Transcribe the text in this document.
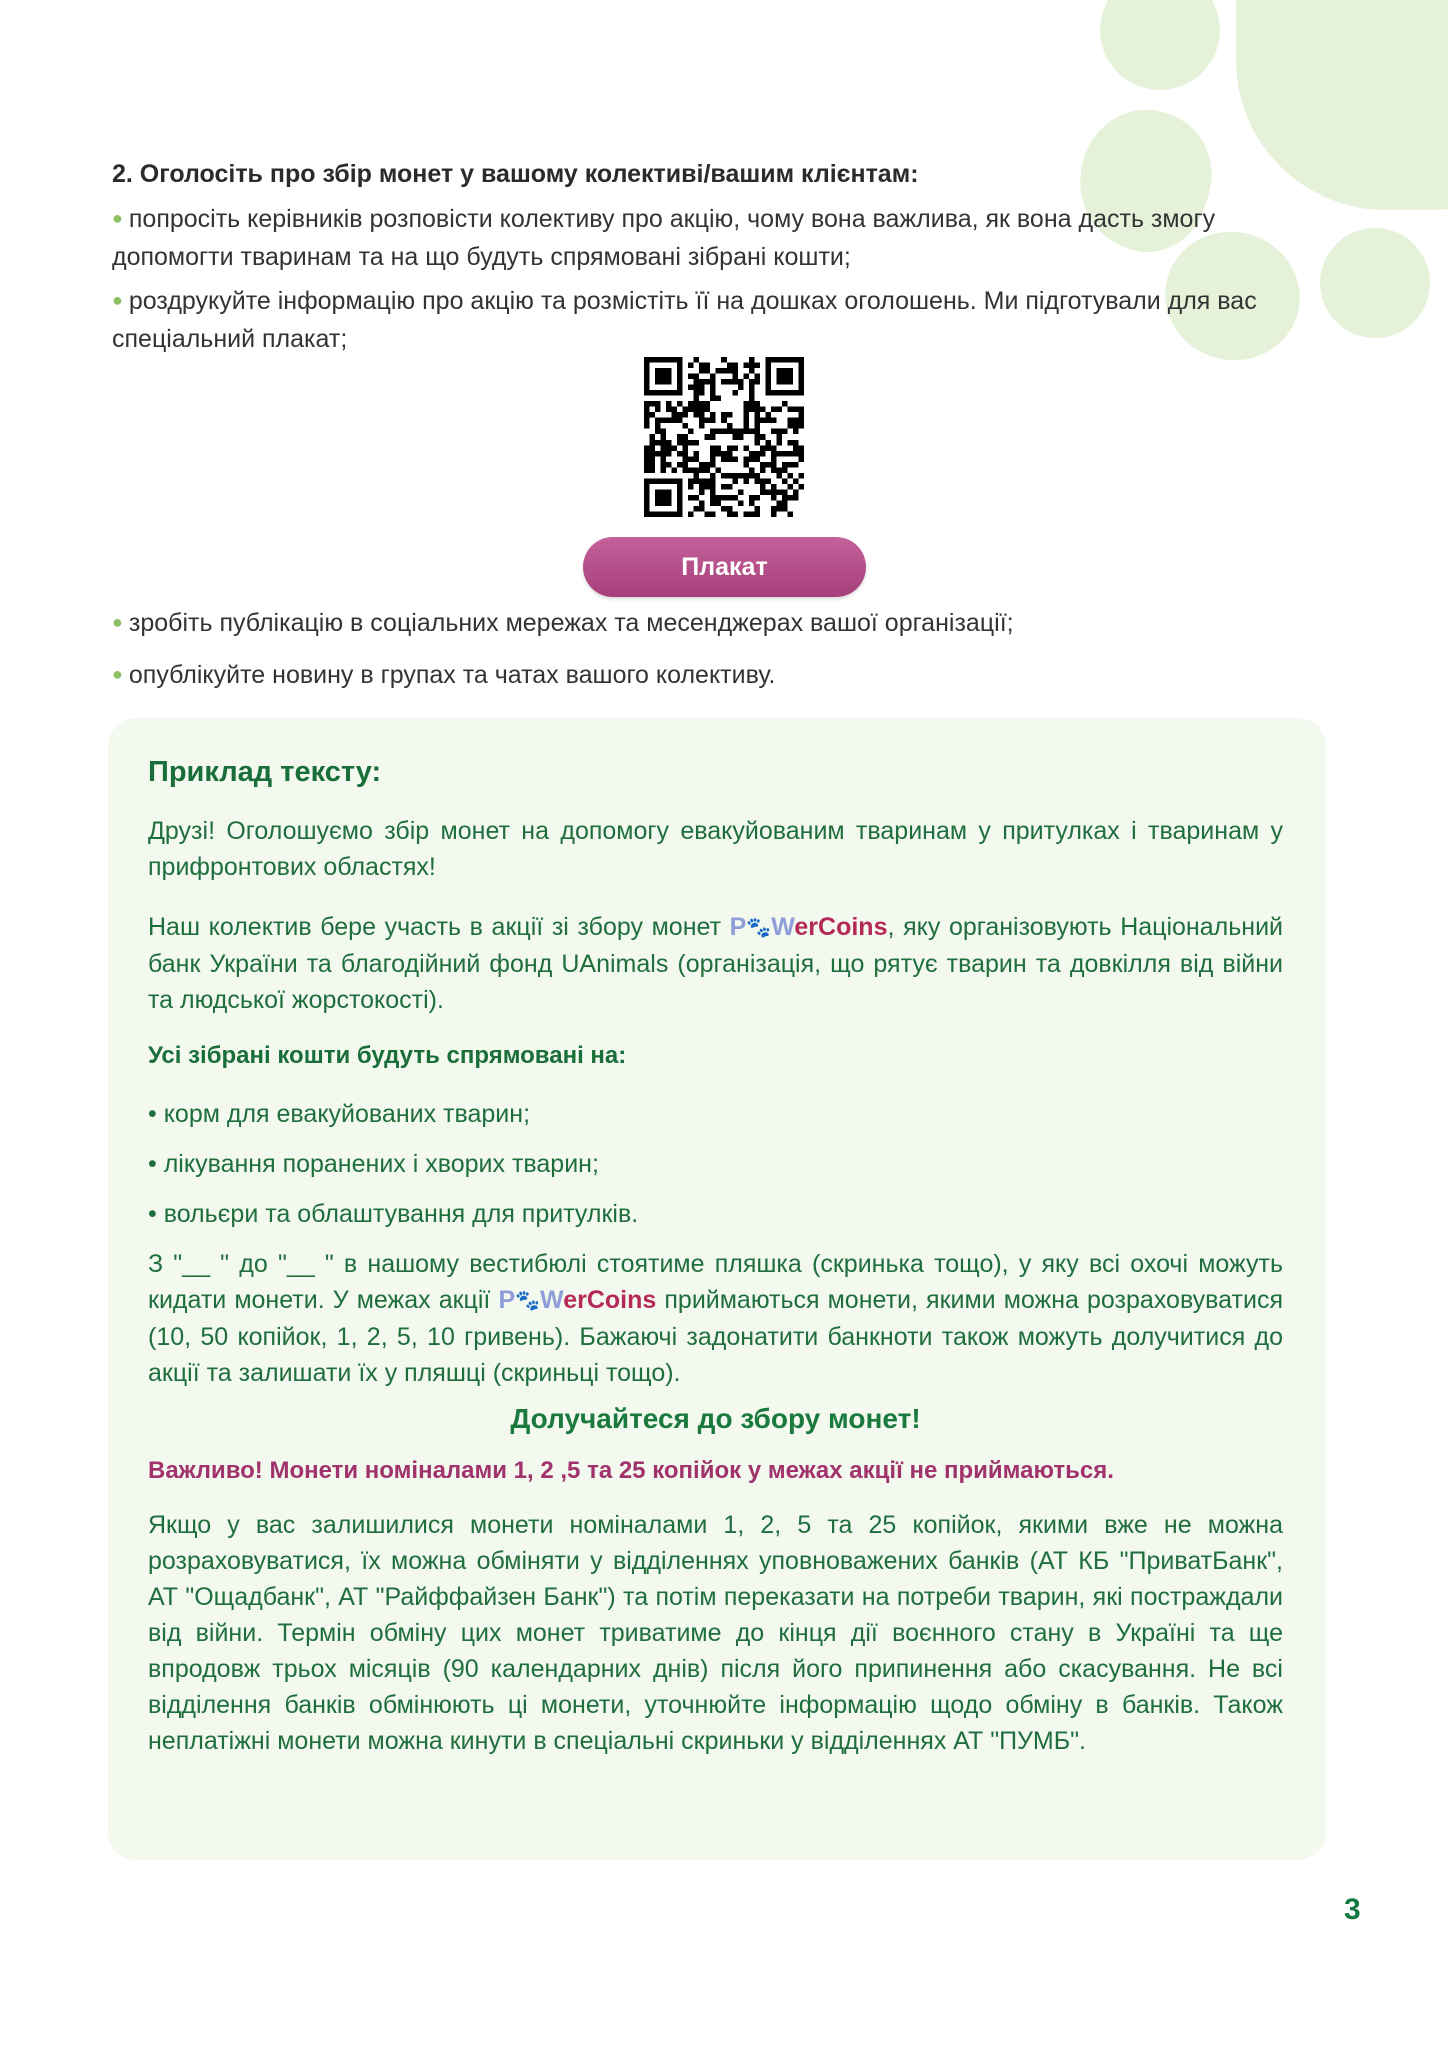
2. Оголосіть про збір монет у вашому колективі/вашим клієнтам:

● попросіть керівників розповісти колективу про акцію, чому вона важлива, як вона дасть змогу допомогти тваринам та на що будуть спрямовані зібрані кошти;

● роздрукуйте інформацію про акцію та розмістіть її на дошках оголошень. Ми підготували для вас спеціальний плакат;

Плакат

● зробіть публікацію в соціальних мережах та месенджерах вашої організації;

● опублікуйте новину в групах та чатах вашого колективу.

Приклад тексту:

Друзі! Оголошуємо збір монет на допомогу евакуйованим тваринам у притулках і тваринам у прифронтових областях!

Наш колектив бере участь в акції зі збору монет P🐾WerCoins, яку організовують Національний банк України та благодійний фонд UAnimals (організація, що рятує тварин та довкілля від війни та людської жорстокості).

Усі зібрані кошти будуть спрямовані на:

• корм для евакуйованих тварин;

• лікування поранених і хворих тварин;

• вольєри та облаштування для притулків.

З "__ " до "__ " в нашому вестибюлі стоятиме пляшка (скринька тощо), у яку всі охочі можуть кидати монети. У межах акції P🐾WerCoins приймаються монети, якими можна розраховуватися (10, 50 копійок, 1, 2, 5, 10 гривень). Бажаючі задонатити банкноти також можуть долучитися до акції та залишати їх у пляшці (скриньці тощо).

Долучайтеся до збору монет!

Важливо! Монети номіналами 1, 2 ,5 та 25 копійок у межах акції не приймаються.

Якщо у вас залишилися монети номіналами 1, 2, 5 та 25 копійок, якими вже не можна розраховуватися, їх можна обміняти у відділеннях уповноважених банків (АТ КБ "ПриватБанк", АТ "Ощадбанк", АТ "Райффайзен Банк") та потім переказати на потреби тварин, які постраждали від війни. Термін обміну цих монет триватиме до кінця дії воєнного стану в Україні та ще впродовж трьох місяців (90 календарних днів) після його припинення або скасування. Не всі відділення банків обмінюють ці монети, уточнюйте інформацію щодо обміну в банків. Також неплатіжні монети можна кинути в спеціальні скриньки у відділеннях АТ "ПУМБ".

3
